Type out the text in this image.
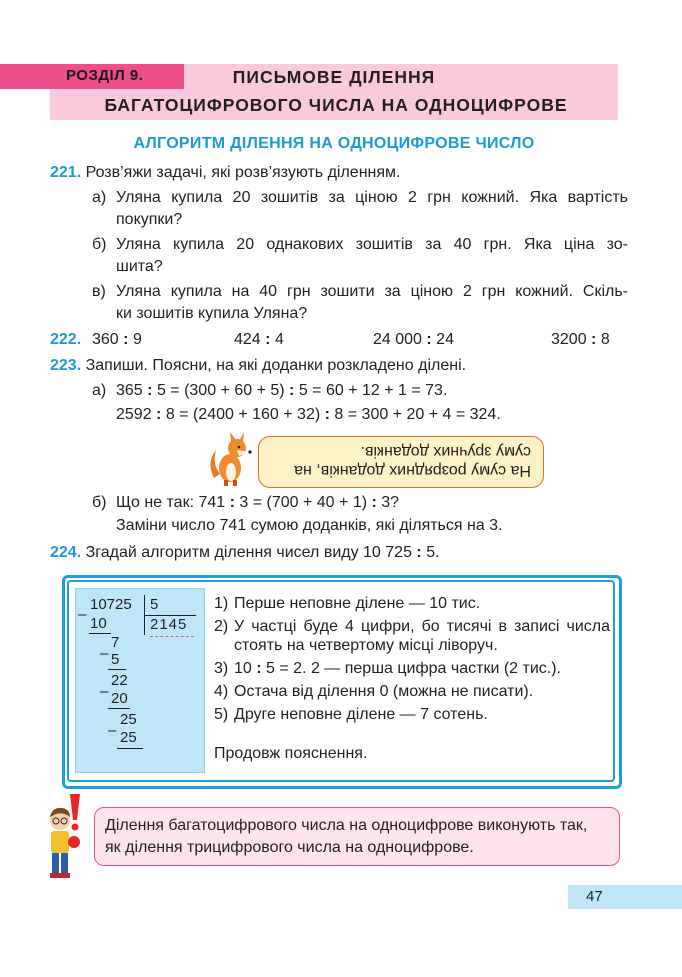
РОЗДІЛ 9.	ПИСЬМОВЕ ДІЛЕННЯ
БАГАТОЦИФРОВОГО ЧИСЛА НА ОДНОЦИФРОВЕ
АЛГОРИТМ ДІЛЕННЯ НА ОДНОЦИФРОВЕ ЧИСЛО
221. Розв’яжи задачі, які розв’язують діленням.
а) Уляна купила 20 зошитів за ціною 2 грн кожний. Яка вартість
покупки?
б) Уляна купила 20 однакових зошитів за 40 грн. Яка ціна зо-
шита?
в) Уляна купила на 40 грн зошити за ціною 2 грн кожний. Скіль-
ки зошитів купила Уляна?
222. 360 : 9	424 : 4	24 000 : 24	3200 : 8
223. Запиши. Поясни, на які доданки розкладено ділені.
а) 365 : 5 = (300 + 60 + 5) : 5 = 60 + 12 + 1 = 73.
2592 : 8 = (2400 + 160 + 32) : 8 = 300 + 20 + 4 = 324.
На суму розрядних доданків, на суму зручних доданків.
б) Що не так: 741 : 3 = (700 + 40 + 1) : 3?
Заміни число 741 сумою доданків, які діляться на 3.
224. Згадай алгоритм ділення чисел виду 10 725 : 5.
10725 5
2145
–
10
7
– 5
22
– 20
25
– 25
1) Перше неповне ділене — 10 тис.
2) У частці буде 4 цифри, бо тисячі в записі числа стоять на четвертому місці ліворуч.
3) 10 : 5 = 2. 2 — перша цифра частки (2 тис.).
4) Остача від ділення 0 (можна не писати).
5) Друге неповне ділене — 7 сотень.
Продовж пояснення.
Ділення багатоцифрового числа на одноцифрове виконують так, як ділення трицифрового числа на одноцифрове.
47
